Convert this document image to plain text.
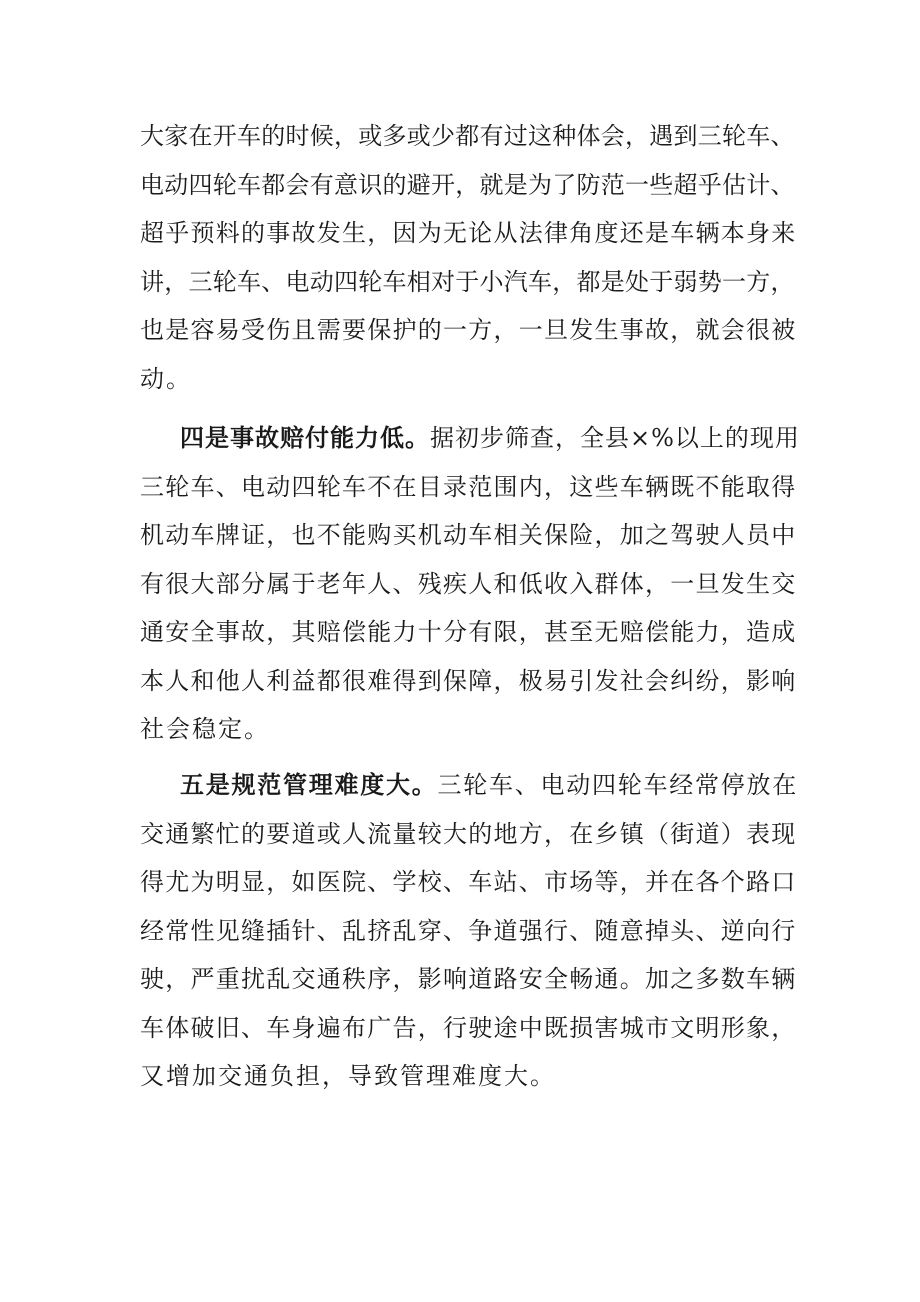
大家在开车的时候，或多或少都有过这种体会，遇到三轮车、
电动四轮车都会有意识的避开，就是为了防范一些超乎估计、
超乎预料的事故发生，因为无论从法律角度还是车辆本身来
讲，三轮车、电动四轮车相对于小汽车，都是处于弱势一方，
也是容易受伤且需要保护的一方，一旦发生事故，就会很被
动。
四是事故赔付能力低。据初步筛查，全县×%以上的现用
三轮车、电动四轮车不在目录范围内，这些车辆既不能取得
机动车牌证，也不能购买机动车相关保险，加之驾驶人员中
有很大部分属于老年人、残疾人和低收入群体，一旦发生交
通安全事故，其赔偿能力十分有限，甚至无赔偿能力，造成
本人和他人利益都很难得到保障，极易引发社会纠纷，影响
社会稳定。
五是规范管理难度大。三轮车、电动四轮车经常停放在
交通繁忙的要道或人流量较大的地方，在乡镇（街道）表现
得尤为明显，如医院、学校、车站、市场等，并在各个路口
经常性见缝插针、乱挤乱穿、争道强行、随意掉头、逆向行
驶，严重扰乱交通秩序，影响道路安全畅通。加之多数车辆
车体破旧、车身遍布广告，行驶途中既损害城市文明形象，
又增加交通负担，导致管理难度大。
